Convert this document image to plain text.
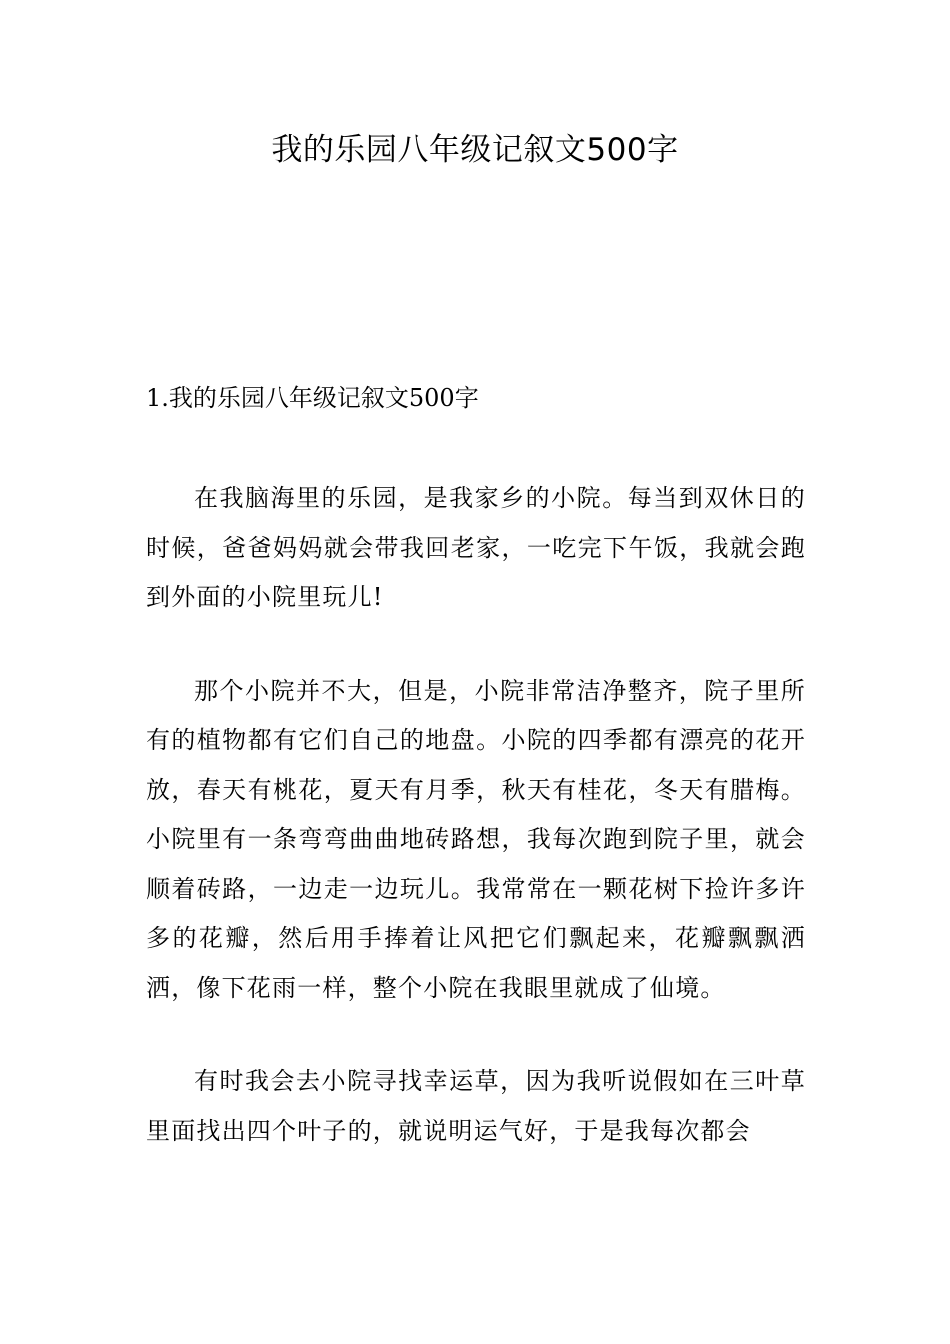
我的乐园八年级记叙文500字
1.我的乐园八年级记叙文500字

在我脑海里的乐园，是我家乡的小院。每当到双休日的时候，爸爸妈妈就会带我回老家，一吃完下午饭，我就会跑到外面的小院里玩儿!

那个小院并不大，但是，小院非常洁净整齐，院子里所有的植物都有它们自己的地盘。小院的四季都有漂亮的花开放，春天有桃花，夏天有月季，秋天有桂花，冬天有腊梅。小院里有一条弯弯曲曲地砖路想，我每次跑到院子里，就会顺着砖路，一边走一边玩儿。我常常在一颗花树下捡许多许多的花瓣，然后用手捧着让风把它们飘起来，花瓣飘飘洒洒，像下花雨一样，整个小院在我眼里就成了仙境。

有时我会去小院寻找幸运草，因为我听说假如在三叶草里面找出四个叶子的，就说明运气好，于是我每次都会
